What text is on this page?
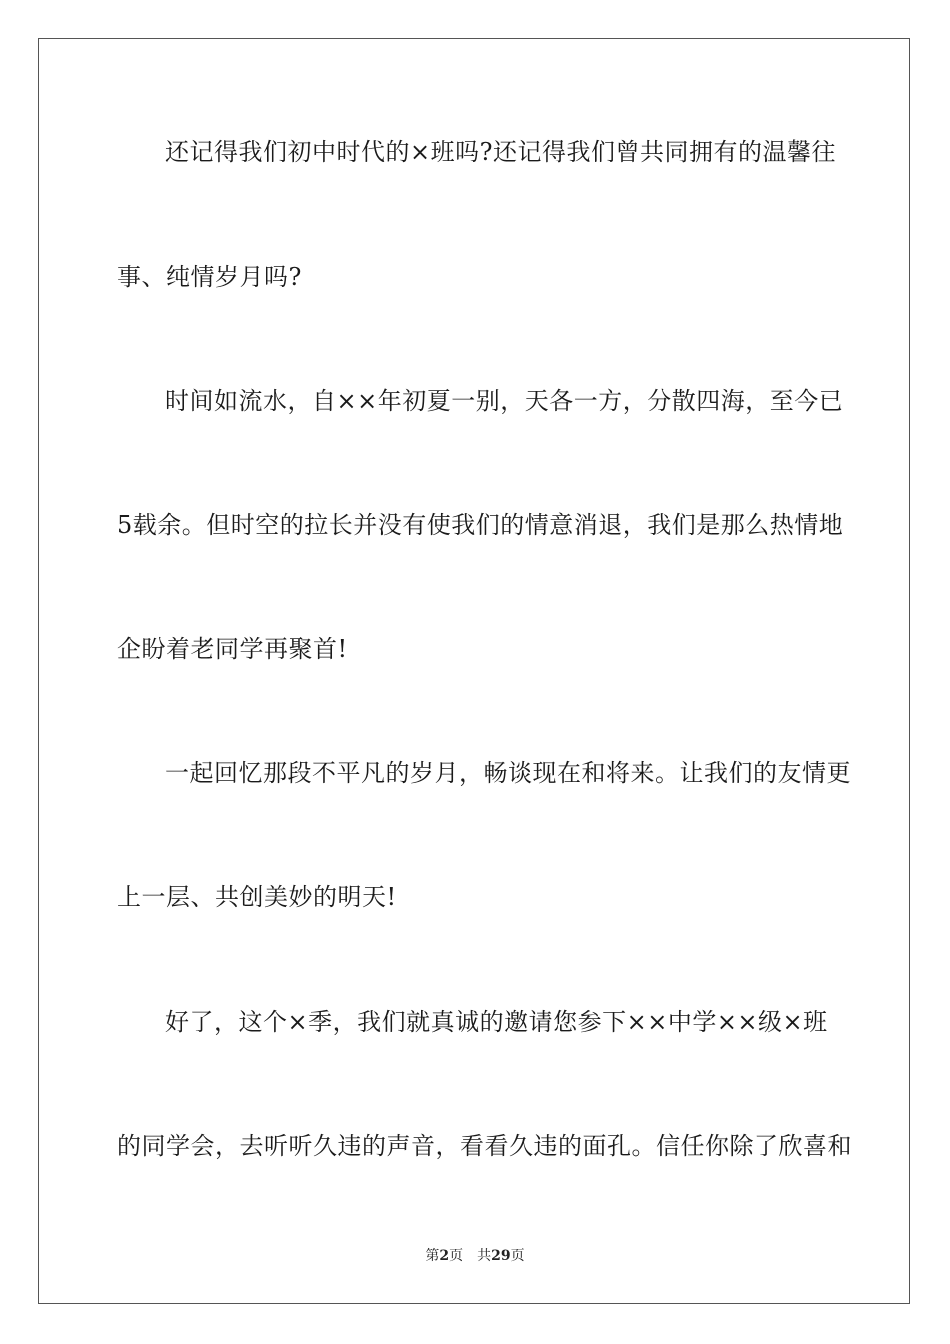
还记得我们初中时代的×班吗?还记得我们曾共同拥有的温馨往
事、纯情岁月吗?
时间如流水，自××年初夏一别，天各一方，分散四海，至今已
5载余。但时空的拉长并没有使我们的情意消退，我们是那么热情地
企盼着老同学再聚首!
一起回忆那段不平凡的岁月，畅谈现在和将来。让我们的友情更
上一层、共创美妙的明天!
好了，这个×季，我们就真诚的邀请您参下××中学××级×班
的同学会，去听听久违的声音，看看久违的面孔。信任你除了欣喜和
第2页 共29页
